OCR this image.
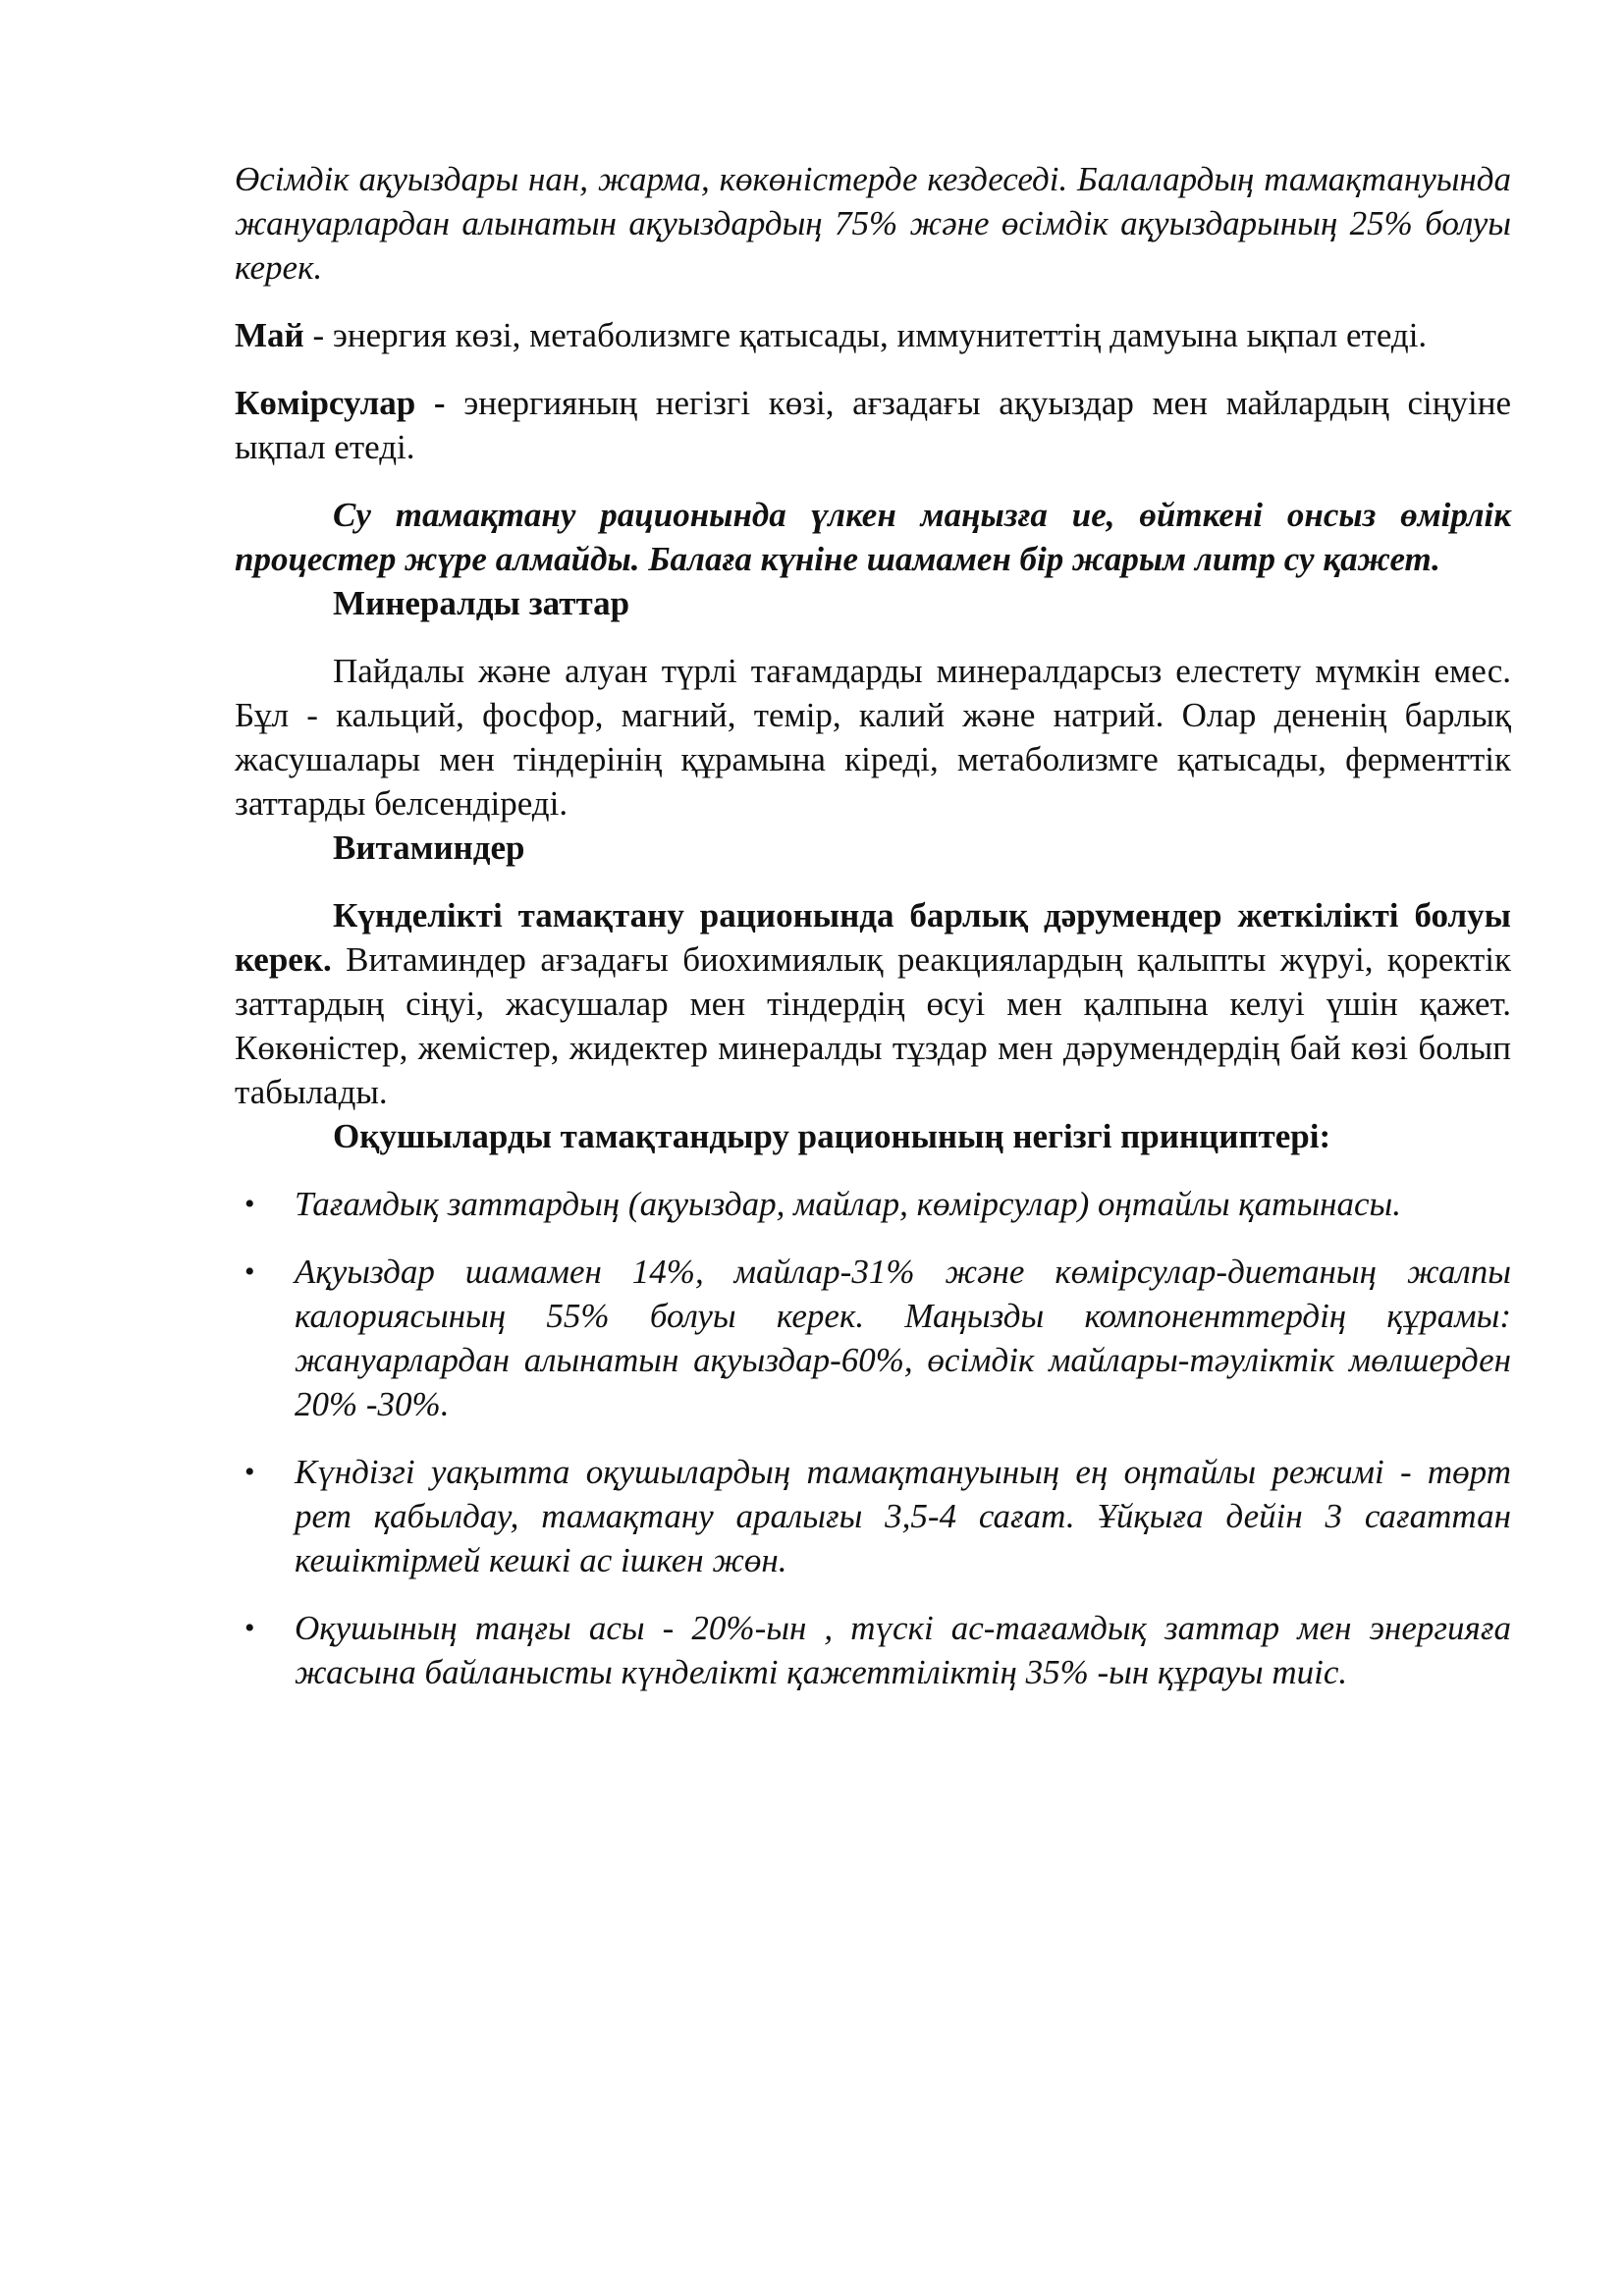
Өсімдік ақуыздары нан, жарма, көкөністерде кездеседі. Балалардың тамақтануында жануарлардан алынатын ақуыздардың 75% және өсімдік ақуыздарының 25% болуы керек.

Май - энергия көзі, метаболизмге қатысады, иммунитеттің дамуына ықпал етеді.

Көмірсулар - энергияның негізгі көзі, ағзадағы ақуыздар мен майлардың сіңуіне ықпал етеді.

Су тамақтану рационында үлкен маңызға ие, өйткені онсыз өмірлік процестер жүре алмайды. Балаға күніне шамамен бір жарым литр су қажет.

Минералды заттар

Пайдалы және алуан түрлі тағамдарды минералдарсыз елестету мүмкін емес. Бұл - кальций, фосфор, магний, темір, калий және натрий. Олар дененің барлық жасушалары мен тіндерінің құрамына кіреді, метаболизмге қатысады, ферменттік заттарды белсендіреді.

Витаминдер

Күнделікті тамақтану рационында барлық дәрумендер жеткілікті болуы керек. Витаминдер ағзадағы биохимиялық реакциялардың қалыпты жүруі, қоректік заттардың сіңуі, жасушалар мен тіндердің өсуі мен қалпына келуі үшін қажет. Көкөністер, жемістер, жидектер минералды тұздар мен дәрумендердің бай көзі болып табылады.

Оқушыларды тамақтандыру рационының негізгі принциптері:
• Тағамдық заттардың (ақуыздар, майлар, көмірсулар) оңтайлы қатынасы.
• Ақуыздар шамамен 14%, майлар-31% және көмірсулар-диетаның жалпы калориясының 55% болуы керек. Маңызды компоненттердің құрамы: жануарлардан алынатын ақуыздар-60%, өсімдік майлары-тәуліктік мөлшерден 20% -30%.
• Күндізгі уақытта оқушылардың тамақтануының ең оңтайлы режимі - төрт рет қабылдау, тамақтану аралығы 3,5-4 сағат. Ұйқыға дейін 3 сағаттан кешіктірмей кешкі ас ішкен жөн.
• Оқушының таңғы асы - 20%-ын , түскі ас-тағамдық заттар мен энергияға жасына байланысты күнделікті қажеттіліктің 35% -ын құрауы тиіс.
